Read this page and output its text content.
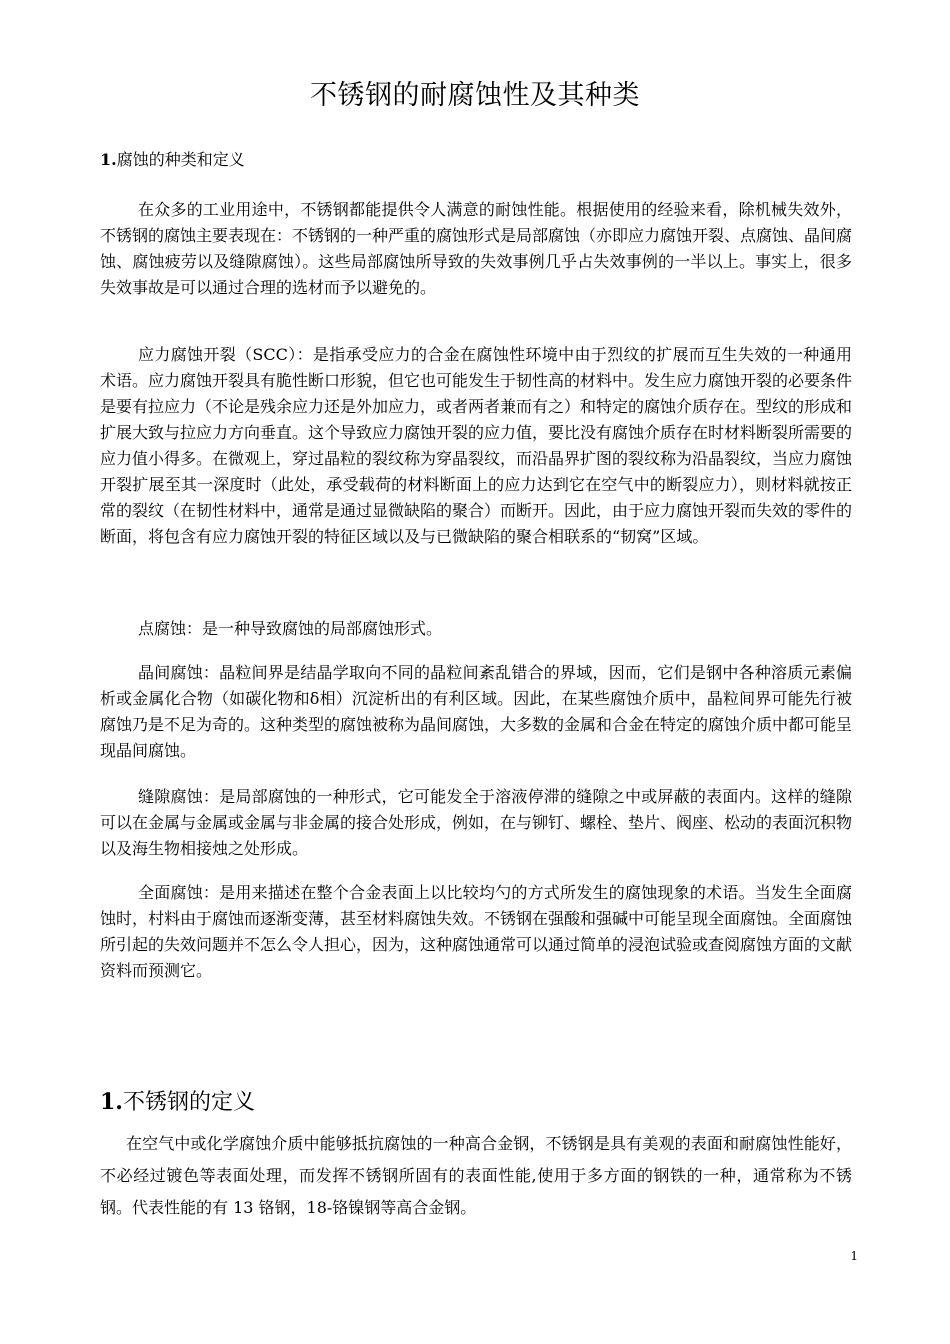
不锈钢的耐腐蚀性及其种类
1.腐蚀的种类和定义

在众多的工业用途中，不锈钢都能提供令人满意的耐蚀性能。根据使用的经验来看，除机械失效外，不锈钢的腐蚀主要表现在：不锈钢的一种严重的腐蚀形式是局部腐蚀（亦即应力腐蚀开裂、点腐蚀、晶间腐蚀、腐蚀疲劳以及缝隙腐蚀）。这些局部腐蚀所导致的失效事例几乎占失效事例的一半以上。事实上，很多失效事故是可以通过合理的选材而予以避免的。

应力腐蚀开裂（SCC）：是指承受应力的合金在腐蚀性环境中由于烈纹的扩展而互生失效的一种通用术语。应力腐蚀开裂具有脆性断口形貌，但它也可能发生于韧性高的材料中。发生应力腐蚀开裂的必要条件是要有拉应力（不论是残余应力还是外加应力，或者两者兼而有之）和特定的腐蚀介质存在。型纹的形成和扩展大致与拉应力方向垂直。这个导致应力腐蚀开裂的应力值，要比没有腐蚀介质存在时材料断裂所需要的应力值小得多。在微观上，穿过晶粒的裂纹称为穿晶裂纹，而沿晶界扩图的裂纹称为沿晶裂纹，当应力腐蚀开裂扩展至其一深度时（此处，承受载荷的材料断面上的应力达到它在空气中的断裂应力），则材料就按正常的裂纹（在韧性材料中，通常是通过显微缺陷的聚合）而断开。因此，由于应力腐蚀开裂而失效的零件的断面，将包含有应力腐蚀开裂的特征区域以及与已微缺陷的聚合相联系的“韧窝”区域。

点腐蚀：是一种导致腐蚀的局部腐蚀形式。

晶间腐蚀：晶粒间界是结晶学取向不同的晶粒间紊乱错合的界域，因而，它们是钢中各种溶质元素偏析或金属化合物（如碳化物和δ相）沉淀析出的有利区域。因此，在某些腐蚀介质中，晶粒间界可能先行被腐蚀乃是不足为奇的。这种类型的腐蚀被称为晶间腐蚀，大多数的金属和合金在特定的腐蚀介质中都可能呈现晶间腐蚀。

缝隙腐蚀：是局部腐蚀的一种形式，它可能发全于溶液停滞的缝隙之中或屏蔽的表面内。这样的缝隙可以在金属与金属或金属与非金属的接合处形成，例如，在与铆钉、螺栓、垫片、阀座、松动的表面沉积物以及海生物相接烛之处形成。

全面腐蚀：是用来描述在整个合金表面上以比较均勺的方式所发生的腐蚀现象的术语。当发生全面腐蚀时，村料由于腐蚀而逐渐变薄，甚至材料腐蚀失效。不锈钢在强酸和强碱中可能呈现全面腐蚀。全面腐蚀所引起的失效问题并不怎么令人担心，因为，这种腐蚀通常可以通过简单的浸泡试验或查阅腐蚀方面的文献资料而预测它。

1.不锈钢的定义

在空气中或化学腐蚀介质中能够抵抗腐蚀的一种高合金钢，不锈钢是具有美观的表面和耐腐蚀性能好，不必经过镀色等表面处理，而发挥不锈钢所固有的表面性能,使用于多方面的钢铁的一种，通常称为不锈钢。代表性能的有 13 铬钢，18-铬镍钢等高合金钢。

1
